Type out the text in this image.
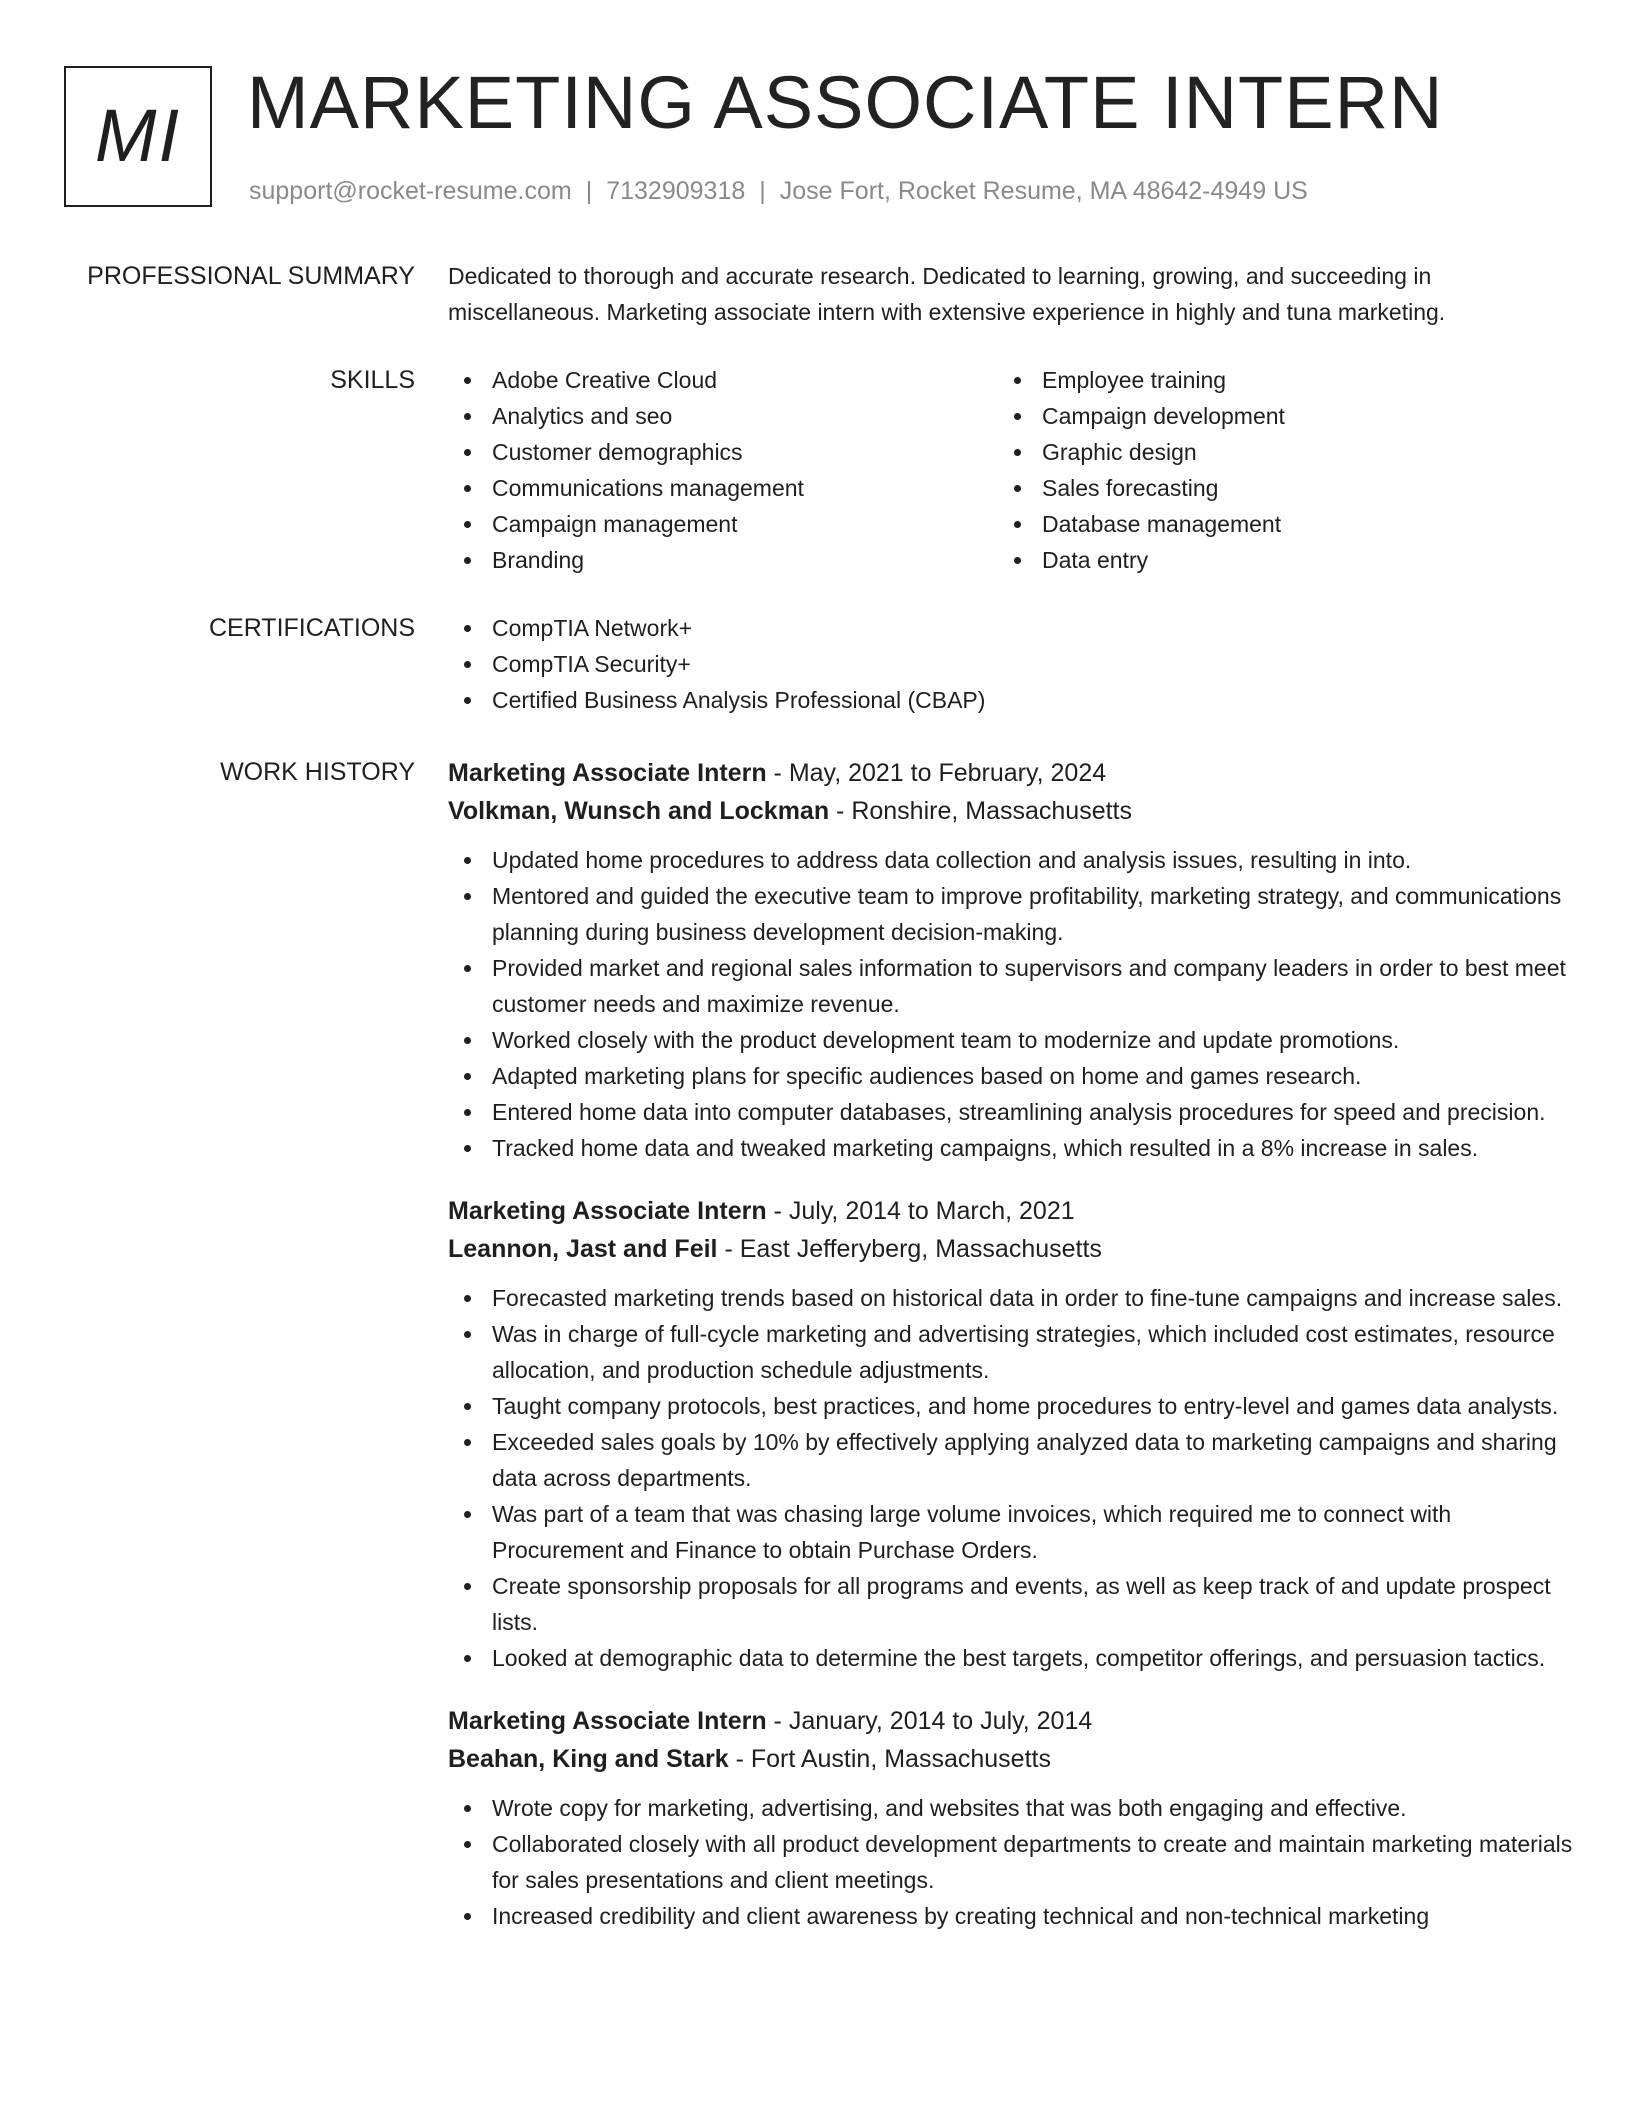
MI MARKETING ASSOCIATE INTERN
support@rocket-resume.com | 7132909318 | Jose Fort, Rocket Resume, MA 48642-4949 US
PROFESSIONAL SUMMARY Dedicated to thorough and accurate research. Dedicated to learning, growing, and succeeding in miscellaneous. Marketing associate intern with extensive experience in highly and tuna marketing.

SKILLS	Adobe Creative Cloud
Analytics and seo
Customer demographics
Communications management
Campaign management
Branding
Employee training
Campaign development
Graphic design
Sales forecasting
Database management
Data entry
CERTIFICATIONS	CompTIA Network+
CompTIA Security+
Certified Business Analysis Professional (CBAP)
WORK HISTORY Marketing Associate Intern - May, 2021 to February, 2024
Volkman, Wunsch and Lockman - Ronshire, Massachusetts
Updated home procedures to address data collection and analysis issues, resulting in into.
Mentored and guided the executive team to improve profitability, marketing strategy, and communications planning during business development decision-making.
Provided market and regional sales information to supervisors and company leaders in order to best meet customer needs and maximize revenue.
Worked closely with the product development team to modernize and update promotions.
Adapted marketing plans for specific audiences based on home and games research.
Entered home data into computer databases, streamlining analysis procedures for speed and precision.
Tracked home data and tweaked marketing campaigns, which resulted in a 8% increase in sales.
Marketing Associate Intern - July, 2014 to March, 2021
Leannon, Jast and Feil - East Jefferyberg, Massachusetts
Forecasted marketing trends based on historical data in order to fine-tune campaigns and increase sales.
Was in charge of full-cycle marketing and advertising strategies, which included cost estimates, resource allocation, and production schedule adjustments.
Taught company protocols, best practices, and home procedures to entry-level and games data analysts.
Exceeded sales goals by 10% by effectively applying analyzed data to marketing campaigns and sharing data across departments.
Was part of a team that was chasing large volume invoices, which required me to connect with Procurement and Finance to obtain Purchase Orders.
Create sponsorship proposals for all programs and events, as well as keep track of and update prospect lists.
Looked at demographic data to determine the best targets, competitor offerings, and persuasion tactics.
Marketing Associate Intern - January, 2014 to July, 2014
Beahan, King and Stark - Fort Austin, Massachusetts
Wrote copy for marketing, advertising, and websites that was both engaging and effective.
Collaborated closely with all product development departments to create and maintain marketing materials for sales presentations and client meetings.
Increased credibility and client awareness by creating technical and non-technical marketing
